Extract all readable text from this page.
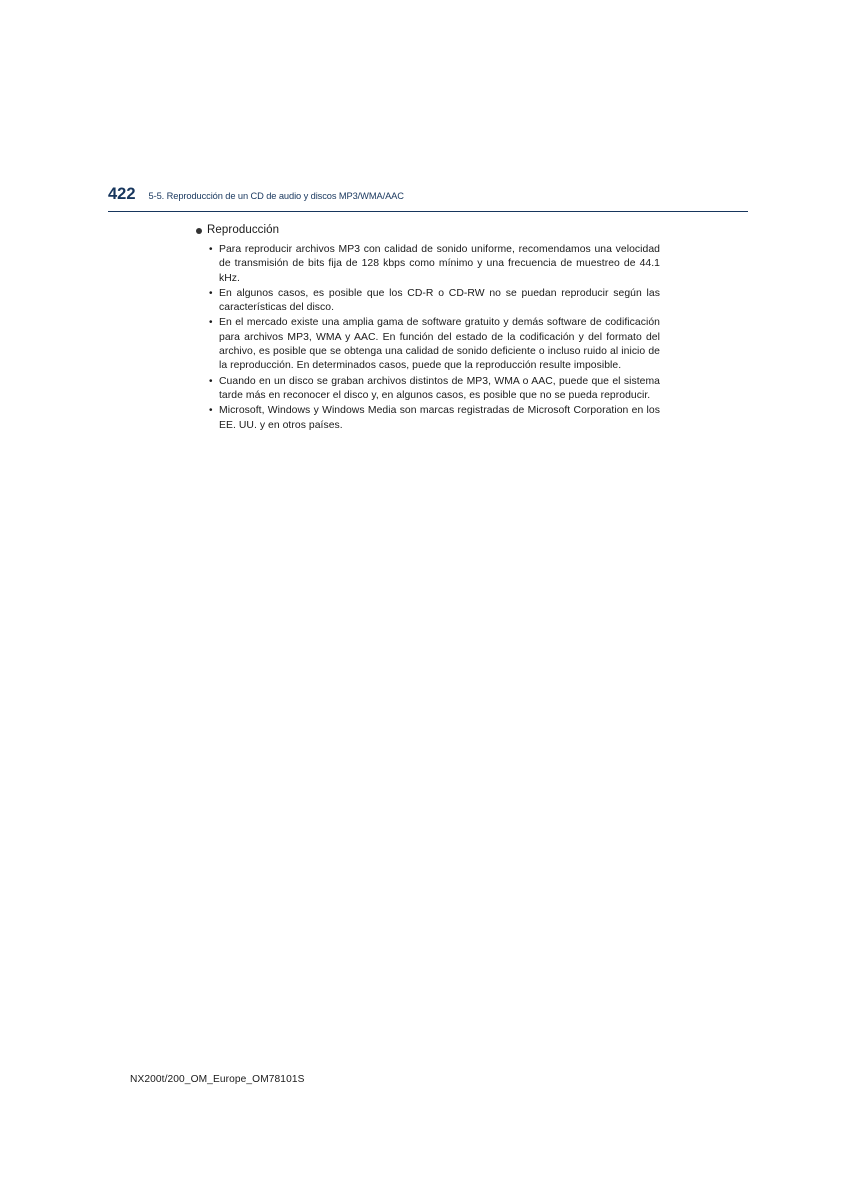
422 5-5. Reproducción de un CD de audio y discos MP3/WMA/AAC
Reproducción
• Para reproducir archivos MP3 con calidad de sonido uniforme, recomendamos una velocidad de transmisión de bits fija de 128 kbps como mínimo y una frecuencia de muestreo de 44.1 kHz.
• En algunos casos, es posible que los CD-R o CD-RW no se puedan reproducir según las características del disco.
• En el mercado existe una amplia gama de software gratuito y demás software de codificación para archivos MP3, WMA y AAC. En función del estado de la codificación y del formato del archivo, es posible que se obtenga una calidad de sonido deficiente o incluso ruido al inicio de la reproducción. En determinados casos, puede que la reproducción resulte imposible.
• Cuando en un disco se graban archivos distintos de MP3, WMA o AAC, puede que el sistema tarde más en reconocer el disco y, en algunos casos, es posible que no se pueda reproducir.
• Microsoft, Windows y Windows Media son marcas registradas de Microsoft Corporation en los EE. UU. y en otros países.
NX200t/200_OM_Europe_OM78101S
